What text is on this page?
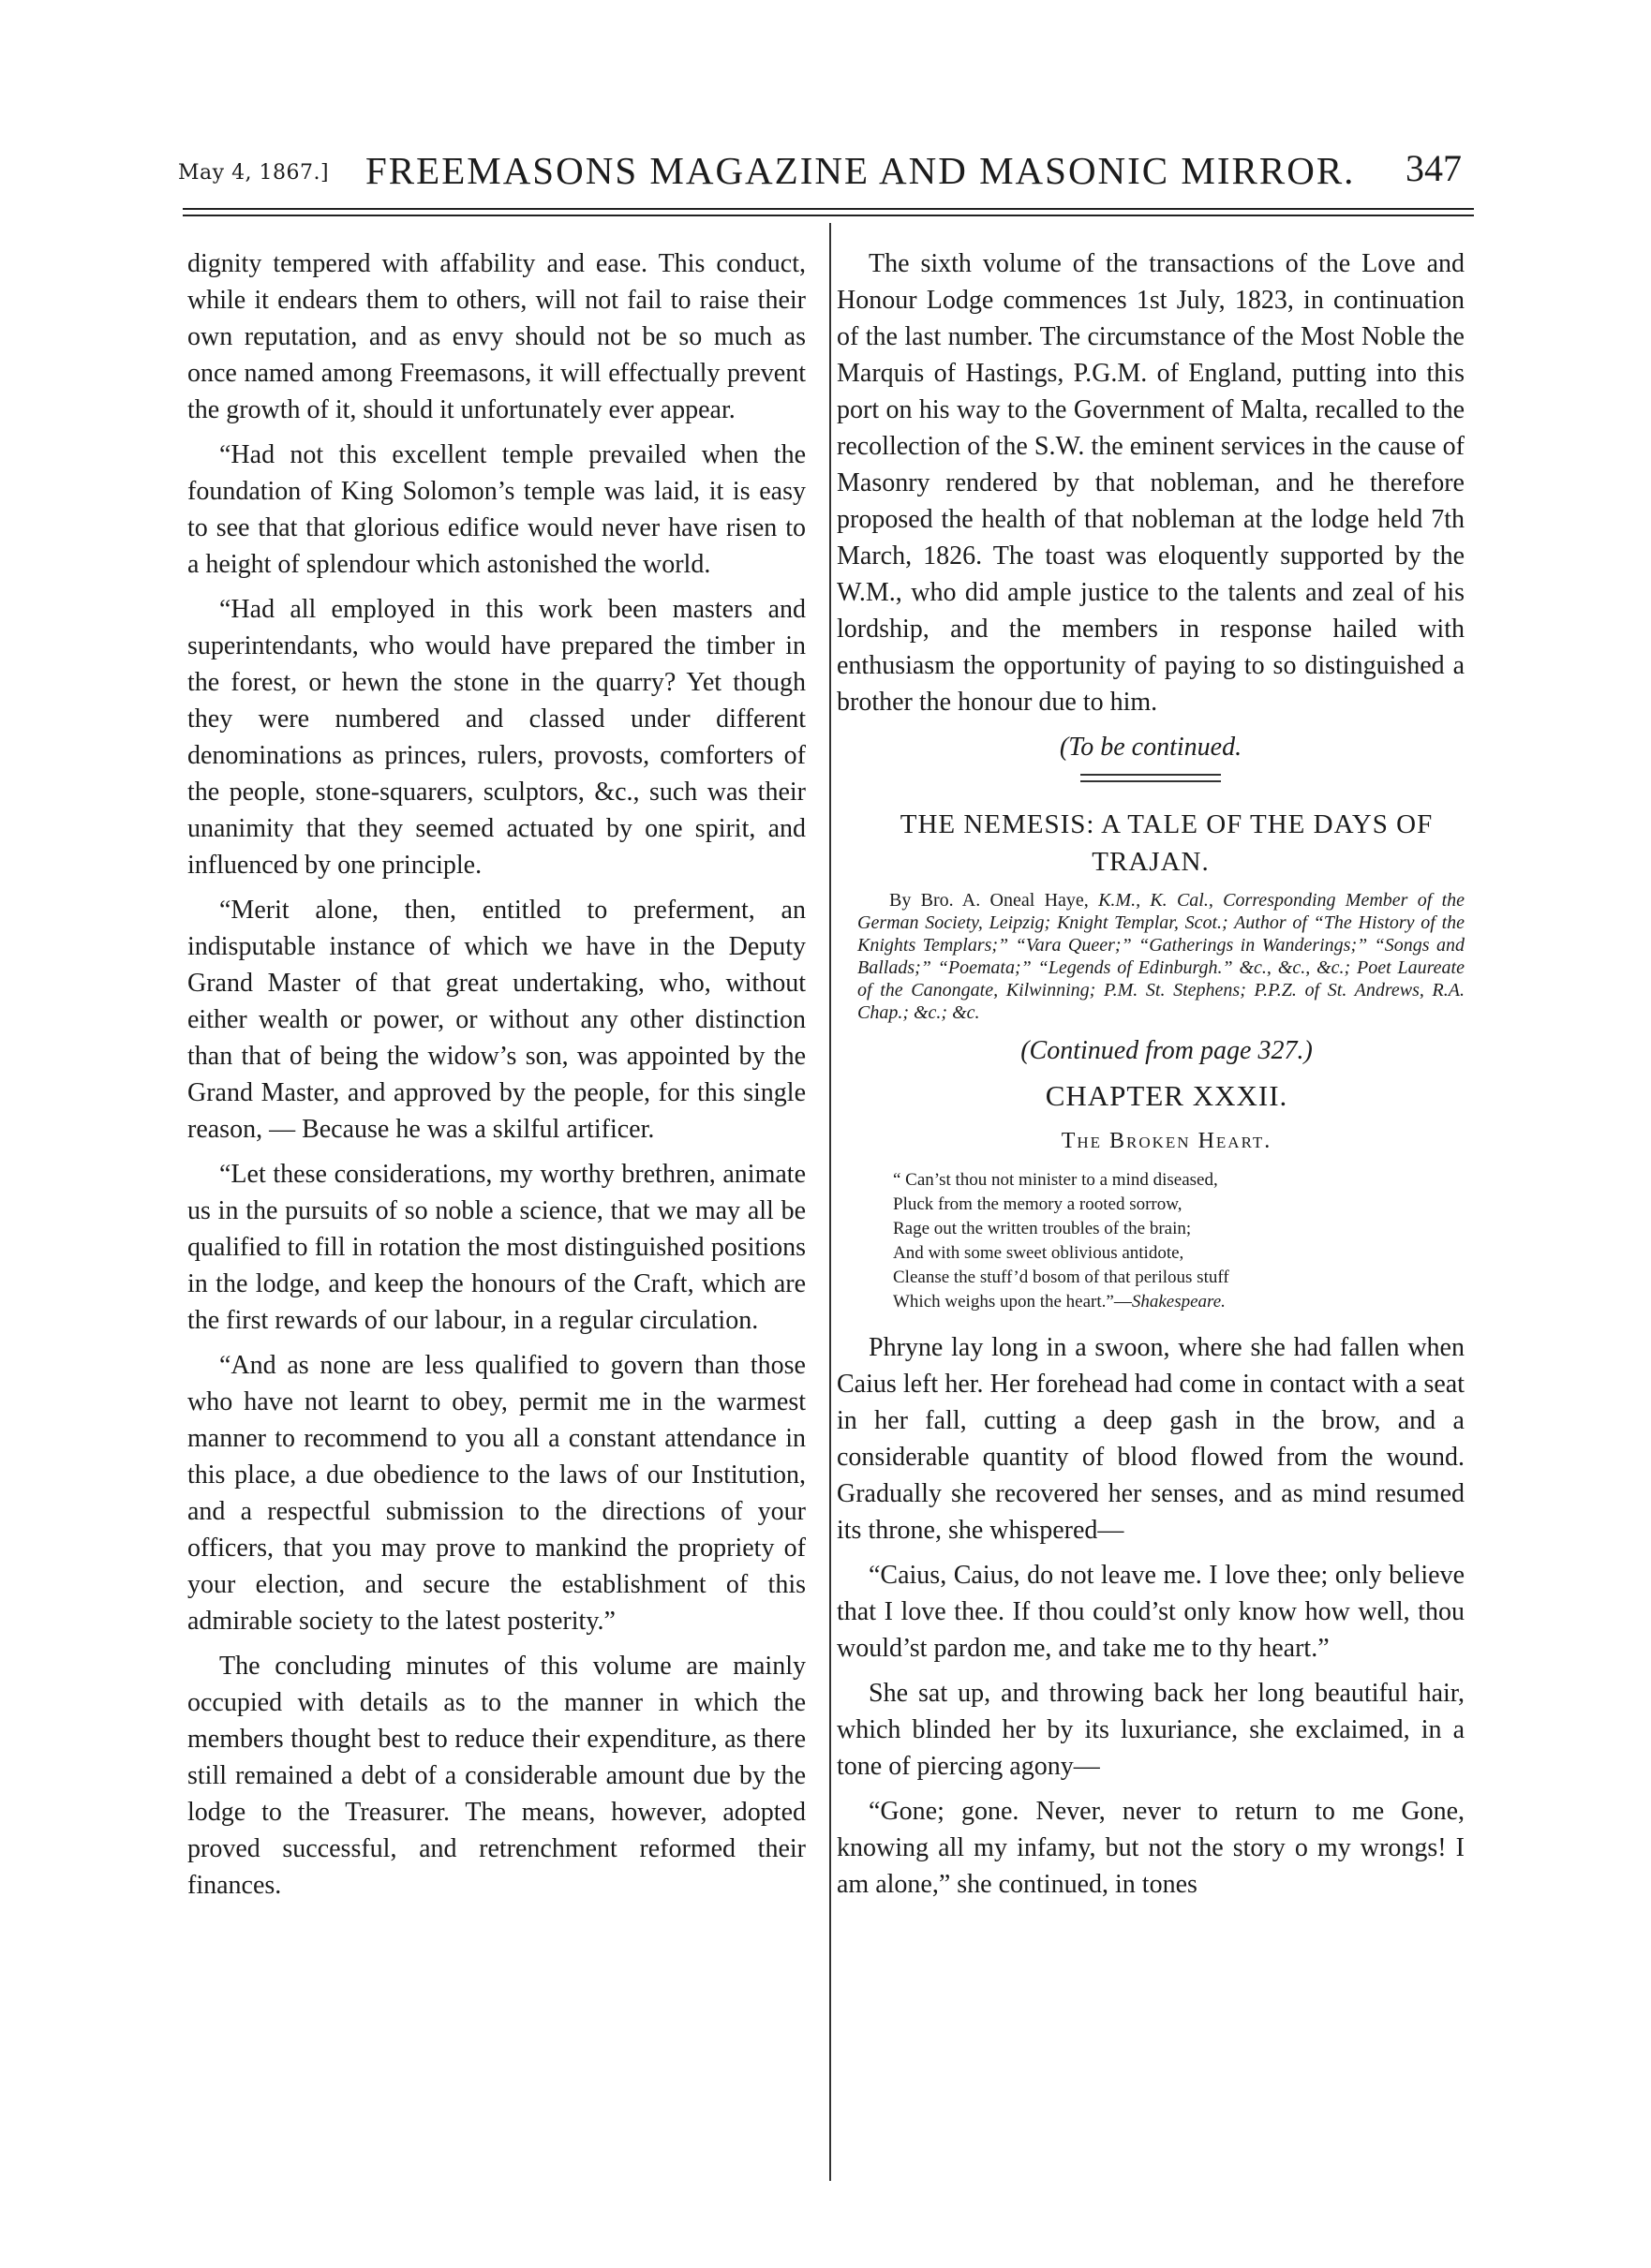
May 4, 1867.] FREEMASONS MAGAZINE AND MASONIC MIRROR. 347

dignity tempered with affability and ease. This conduct, while it endears them to others, will not fail to raise their own reputation, and as envy should not be so much as once named among Freemasons, it will effectually prevent the growth of it, should it unfortunately ever appear.

“Had not this excellent temple prevailed when the foundation of King Solomon’s temple was laid, it is easy to see that that glorious edifice would never have risen to a height of splendour which astonished the world.

“Had all employed in this work been masters and superintendants, who would have prepared the timber in the forest, or hewn the stone in the quarry? Yet though they were numbered and classed under different denominations as princes, rulers, provosts, comforters of the people, stone-squarers, sculptors, &c., such was their unanimity that they seemed actuated by one spirit, and influenced by one principle.

“Merit alone, then, entitled to preferment, an indisputable instance of which we have in the Deputy Grand Master of that great undertaking, who, without either wealth or power, or without any other distinction than that of being the widow’s son, was appointed by the Grand Master, and approved by the people, for this single reason, — Because he was a skilful artificer.

“Let these considerations, my worthy brethren, animate us in the pursuits of so noble a science, that we may all be qualified to fill in rotation the most distinguished positions in the lodge, and keep the honours of the Craft, which are the first rewards of our labour, in a regular circulation.

“And as none are less qualified to govern than those who have not learnt to obey, permit me in the warmest manner to recommend to you all a constant attendance in this place, a due obedience to the laws of our Institution, and a respectful submission to the directions of your officers, that you may prove to mankind the propriety of your election, and secure the establishment of this admirable society to the latest posterity.”

The concluding minutes of this volume are mainly occupied with details as to the manner in which the members thought best to reduce their expenditure, as there still remained a debt of a considerable amount due by the lodge to the Treasurer. The means, however, adopted proved successful, and retrenchment reformed their finances.

The sixth volume of the transactions of the Love and Honour Lodge commences 1st July, 1823, in continuation of the last number. The circumstance of the Most Noble the Marquis of Hastings, P.G.M. of England, putting into this port on his way to the Government of Malta, recalled to the recollection of the S.W. the eminent services in the cause of Masonry rendered by that nobleman, and he therefore proposed the health of that nobleman at the lodge held 7th March, 1826. The toast was eloquently supported by the W.M., who did ample justice to the talents and zeal of his lordship, and the members in response hailed with enthusiasm the opportunity of paying to so distinguished a brother the honour due to him.

(To be continued.

THE NEMESIS: A TALE OF THE DAYS OF TRAJAN.

By Bro. A. Oneal Haye, K.M., K. Cal., Corresponding Member of the German Society, Leipzig; Knight Templar, Scot.; Author of “The History of the Knights Templars;” “Vara Queer;” “Gatherings in Wanderings;” “Songs and Ballads;” “Poemata;” “Legends of Edinburgh.” &c., &c., &c.; Poet Laureate of the Canongate, Kilwinning; P.M. St. Stephens; P.P.Z. of St. Andrews, R.A. Chap.; &c.; &c.

(Continued from page 327.)

CHAPTER XXXII.

The Broken Heart.

“ Can’st thou not minister to a mind diseased,
Pluck from the memory a rooted sorrow,
Rage out the written troubles of the brain;
And with some sweet oblivious antidote,
Cleanse the stuff’d bosom of that perilous stuff
Which weighs upon the heart.”—Shakespeare.

Phryne lay long in a swoon, where she had fallen when Caius left her. Her forehead had come in contact with a seat in her fall, cutting a deep gash in the brow, and a considerable quantity of blood flowed from the wound. Gradually she recovered her senses, and as mind resumed its throne, she whispered—

“Caius, Caius, do not leave me. I love thee; only believe that I love thee. If thou could’st only know how well, thou would’st pardon me, and take me to thy heart.”

She sat up, and throwing back her long beautiful hair, which blinded her by its luxuriance, she exclaimed, in a tone of piercing agony—

“Gone; gone. Never, never to return to me Gone, knowing all my infamy, but not the story o my wrongs! I am alone,” she continued, in tones
